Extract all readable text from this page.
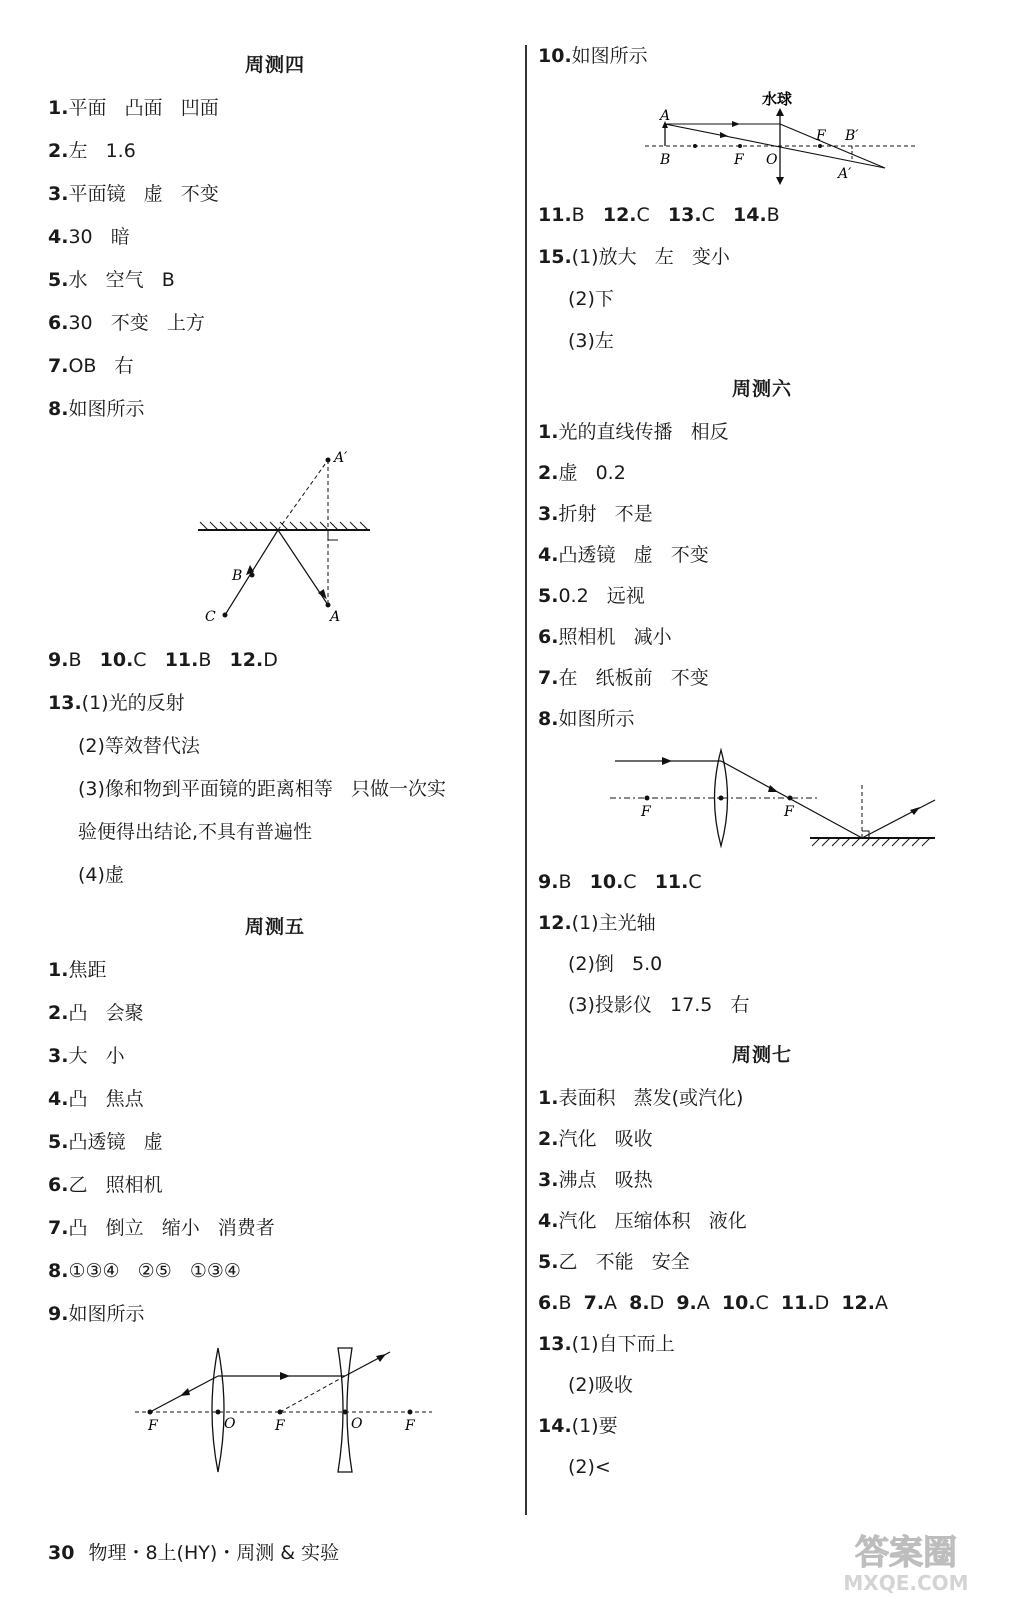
周测四
1.平面   凸面   凹面
2.左   1.6
3.平面镜   虚   不变
4.30   暗
5.水   空气   B
6.30   不变   上方
7.OB   右
8.如图所示
A′
B
C	A
9.B 10.C 11.B 12.D
13.(1)光的反射
(2)等效替代法
(3)像和物到平面镜的距离相等   只做一次实
验便得出结论,不具有普遍性
(4)虚
周测五
1.焦距
2.凸   会聚
3.大   小
4.凸   焦点
5.凸透镜   虚
6.乙   照相机
7.凸   倒立   缩小   消费者
8.①③④   ②⑤   ①③④
9.如图所示
F	O	F	O	F
10.如图所示
水球
A
B	F O
F B′
A′
11.B 12.C 13.C 14.B
15.(1)放大   左   变小
(2)下
(3)左
周测六
1.光的直线传播   相反
2.虚   0.2
3.折射   不是
4.凸透镜   虚   不变
5.0.2   远视
6.照相机   减小
7.在   纸板前   不变
8.如图所示
F	F
9.B 10.C 11.C
12.(1)主光轴
(2)倒   5.0
(3)投影仪   17.5   右
周测七
1.表面积   蒸发(或汽化)
2.汽化   吸收
3.沸点   吸热
4.汽化   压缩体积   液化
5.乙   不能   安全
6.B 7.A 8.D 9.A 10.C 11.D 12.A
13.(1)自下而上
(2)吸收
14.(1)要
(2)<
30 物理・8上(HY)・周测 & 实验	答案圈
MXQE.COM
